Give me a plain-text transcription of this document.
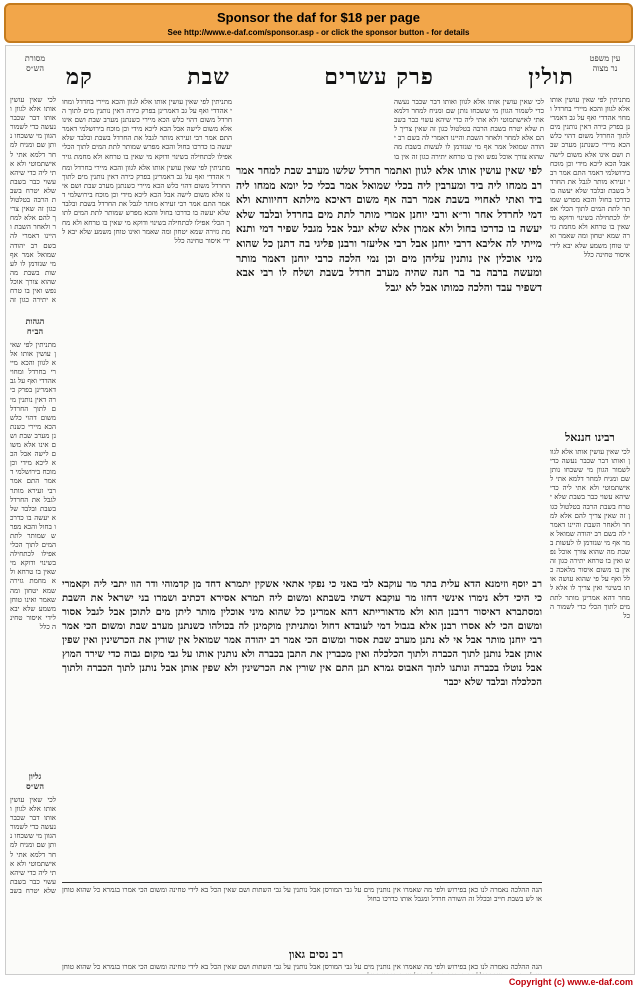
Sponsor the daf for $18 per page
See http://www.e-daf.com/sponsor.asp - or click the sponsor button - for details
עין משפט
נר מצוה
מסורת
הש״ס	קמ	שבת	פרק עשרים	תולין
מתניתין לפי שאין עושין אותו אלא לגוון והכא מיירי בחרדל ומחוי אהדדי ואף על גב דאמרינן בפרק כירה דאין נותנין מים לתוך החרדל משום דהוי כלש הכא מיירי כשנתנן מערב שבת ושם אינו אלא משום לישה אבל הכא ליכא מידי וכן מוכח בירושלמי דאמר התם אמר רבי זעירא מותר לגבל את החרדל בשבת ובלבד שלא יעשה בו כדרכו בחול והכא מפרש שמותר לתת המים לתוך הכלי אפילו לכתחילה בשינוי ודוקא מי שאין בו טרחא ולא מחמת גזירה שמא יטחון ומה שאמר ואינו טוחן משמע שלא יבא לידי איסור טחינה כלל
רבינו חננאל
לכי שאין עושין אותו אלא לגוון ואותו דבר שכבר נעשה כדי לשמור הגוון מי ששכחו נותן שם ומניח למחר דלמא אתי לאישתמוטי ולא אתי ליה כדי שיהא עשוי כבר בשבת שלא יטרח בשבת הרבה בטלטול כגון זה שאין צריך להם אלא למחר ולאחר השבת והיינו דאמרי לה בשם רב יהודה שמואל אמר אף מי שנזדמן לו לעשות בשבת מה שהוא צורך אוכל נפש ואין בו טרחא יתירה כגון זה אין בו משום איסור מלאכה כלל ואף על פי שהוא עושה אותו בשינוי ואין צריך לו אלא למחר דהא אמרינן מותר לתת מים לתוך הכלי כדי לשמור הכל
לכי שאין עושין אותו אלא לגוון ואותו דבר שכבר נעשה כדי לשמור הגוון מי ששכחו נותן שם ומניח למחר דלמא אתי לאישתמוטי ולא אתי ליה כדי שיהא עשוי כבר בשבת שלא יטרח בשבת הרבה בטלטול כגון זה שאין צריך להם אלא למחר ולאחר השבת והיינו דאמרי לה בשם רב יהודה שמואל אמר אף מי שנזדמן לו לעשות בשבת מה שהוא צורך אוכל נפש ואין בו טרחא יתירה כגון זה
הגהות
הב״ח
מתניתין לפי שאין עושין אותו אלא לגוון והכא מיירי בחרדל ומחוי אהדדי ואף על גב דאמרינן בפרק כירה דאין נותנין מים לתוך החרדל משום דהוי כלש הכא מיירי כשנתנן מערב שבת ושם אינו אלא משום לישה אבל הכא ליכא מידי וכן מוכח בירושלמי דאמר התם אמר רבי זעירא מותר לגבל את החרדל בשבת ובלבד שלא יעשה בו כדרכו בחול והכא מפרש שמותר לתת המים לתוך הכלי אפילו לכתחילה בשינוי ודוקא מי שאין בו טרחא ולא מחמת גזירה שמא יטחון ומה שאמר ואינו טוחן משמע שלא יבא לידי איסור טחינה כלל
גליון
הש״ס
לכי שאין עושין אותו אלא לגוון ואותו דבר שכבר נעשה כדי לשמור הגוון מי ששכחו נותן שם ומניח למחר דלמא אתי לאישתמוטי ולא אתי ליה כדי שיהא עשוי כבר בשבת שלא יטרח בשב
לכי שאין עושין אותו אלא לגוון ואותו דבר שכבר נעשה כדי לשמור הגוון מי ששכחו נותן שם ומניח למחר דלמא אתי לאישתמוטי ולא אתי ליה כדי שיהא עשוי כבר בשבת שלא יטרח בשבת הרבה בטלטול כגון זה שאין צריך להם אלא למחר ולאחר השבת והיינו דאמרי לה בשם רב יהודה שמואל אמר אף מי שנזדמן לו לעשות בשבת מה שהוא צורך אוכל נפש ואין בו טרחא יתירה כגון זה אין בו
מתניתין לפי שאין עושין אותו אלא לגוון והכא מיירי בחרדל ומחוי אהדדי ואף על גב דאמרינן בפרק כירה דאין נותנין מים לתוך החרדל משום דהוי כלש הכא מיירי כשנתנן מערב שבת ושם אינו אלא משום לישה אבל הכא ליכא מידי וכן מוכח בירושלמי דאמר התם אמר רבי זעירא מותר לגבל את החרדל בשבת ובלבד שלא יעשה בו כדרכו בחול והכא מפרש שמותר לתת המים לתוך הכלי אפילו לכתחילה בשינוי ודוקא מי שאין בו טרחא ולא מחמת גזיר
לפי שאין עושין אותו אלא לגוון ואתמר חרדל שלשו מערב שבת למחר אמר רב ממחו ליה ביד ומערבין ליה בכלי שמואל אמר בכלי כל יומא ממחו ליה ביד ואתי לאחויי בשבת אמר רבה אף משום דאיכא מילתא דחיוותא ולא דמי לחרדל אחר ור״א ורבי יוחנן אמרי מותר לתת מים בחרדל ובלבד שלא יעשה בו כדרכו בחול ולא אמרן אלא שלא יגבל אבל מגבל שפיר דמי ותנא מייתי לה אליבא דרבי יוחנן אבל רבי אליעזר ורבנן פליגי בה דתנן כל שהוא מיני אוכלין אין נותנין עליהן מים וכן נמי הלכה כרבי יוחנן דאמר מותר ומעשה ברבה בר בר חנה שהיה מערב חרדל בשבת ושלח לו רבי אבא דשפיר עבד והלכה כמותו אבל לא יגבל
מתניתין לפי שאין עושין אותו אלא לגוון והכא מיירי בחרדל ומחוי אהדדי ואף על גב דאמרינן בפרק כירה דאין נותנין מים לתוך החרדל משום דהוי כלש הכא מיירי כשנתנן מערב שבת ושם אינו אלא משום לישה אבל הכא ליכא מידי וכן מוכח בירושלמי דאמר התם אמר רבי זעירא מותר לגבל את החרדל בשבת ובלבד שלא יעשה בו כדרכו בחול והכא מפרש שמותר לתת המים לתוך הכלי אפילו לכתחילה בשינוי ודוקא מי שאין בו טרחא ולא מחמת גזירה שמא יטחון ומה שאמר ואינו טוחן משמע שלא יבא לידי איסור טחינה כלל
רב יוסף וזימנא הדא עלית בתר מר עוקבא לבי באני כי נפקי אתאי אשקין יתמרא דחד מן קדמוהי ודר הוו יתבי ליה וקאמרי כי היכי דלא נימרו אינשי דחזו מר עוקבא דשתי בשבתא ומשום ליה תמרא אסירא דכתיב ושמרו בני ישראל את השבת ומסתברא דאיסור דרבנן הוא ולא מדאורייתא דהא אמרינן כל שהוא מיני אוכלין מותר ליתן מים לתוכן אבל לגבל אסור ומשום הכי לא אסרו רבנן אלא בגבול דמי לעובדא דחול ומתניתין מוקמינן לה בכולהו כשנתנן מערב שבת ומשום הכי אמר רבי יוחנן מותר אבל אי לא נתנן מערב שבת אסור ומשום הכי אמר רב יהודה אמר שמואל אין שורין את הכרשינין ואין שפין אותן אבל נותנן לתוך הכברה ולתוך הכלכלה ואין מכברין את התבן בכברה ולא נותנין אותו על גבי מקום גבוה כדי שירד המוץ אבל נוטלו בכברה ונותנו לתוך האבוס גמרא תנן התם אין שורין את הכרשינין ולא שפין אותן אבל נותנן לתוך הכברה ולתוך הכלכלה ובלבד שלא יכבר
הנה ההלכה נאמרה לנו כאן בפירוש ולפי מה שאמרו אין נותנין מים על גבי המורסן אבל נותנין על גבי השתות ושם שאין הכל בא לידי טחינה ומשום הכי אמרו בגמרא כל שהוא טוחן או לש בשבת חייב ובכלל זה השורה חרדל ומגבל אותו כדרכו בחול
רב נסים גאון
הנה ההלכה נאמרה לנו כאן בפירוש ולפי מה שאמרו אין נותנין מים על גבי המורסן אבל נותנין על גבי השתות ושם שאין הכל בא לידי טחינה ומשום הכי אמרו בגמרא כל שהוא טוחן
Copyright (c) www.e-daf.com
